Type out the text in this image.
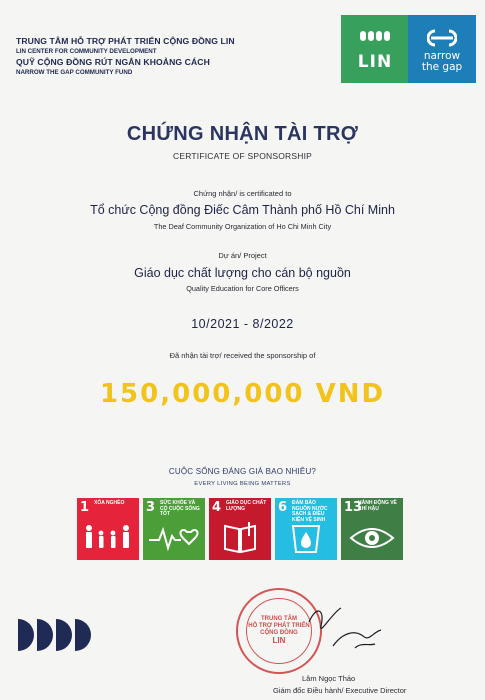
TRUNG TÂM HỖ TRỢ PHÁT TRIỂN CỘNG ĐỒNG LIN
LIN CENTER FOR COMMUNITY DEVELOPMENT
QUỸ CỘNG ĐỒNG RÚT NGẮN KHOẢNG CÁCH
NARROW THE GAP COMMUNITY FUND
LIN	narrow
the gap
CHỨNG NHẬN TÀI TRỢ
CERTIFICATE OF SPONSORSHIP
Chứng nhận/ is certificated to
Tổ chức Cộng đồng Điếc Câm Thành phố Hồ Chí Minh
The Deaf Community Organization of Ho Chi Minh City
Dự án/ Project
Giáo dục chất lượng cho cán bộ nguồn
Quality Education for Core Officers
10/2021 - 8/2022
Đã nhận tài trợ/ received the sponsorship of
150,000,000 VND
CUỘC SỐNG ĐÁNG GIÁ BAO NHIÊU?
EVERY LIVING BEING MATTERS
1 XÓA NGHÈO	3 SỨC KHỎE VÀ CÓ CUỘC SỐNG TỐT	4 GIÁO DỤC CHẤT LƯỢNG	6 ĐẢM BẢO NGUỒN NƯỚC SẠCH & ĐIỀU KIỆN VỆ SINH
13
HÀNH ĐỘNG VỀ KHÍ HẬU
TRUNG TÂM
HỖ TRỢ PHÁT TRIỂN
CỘNG ĐỒNG
LIN
Lâm Ngọc Thảo
Giám đốc Điều hành/ Executive Director
